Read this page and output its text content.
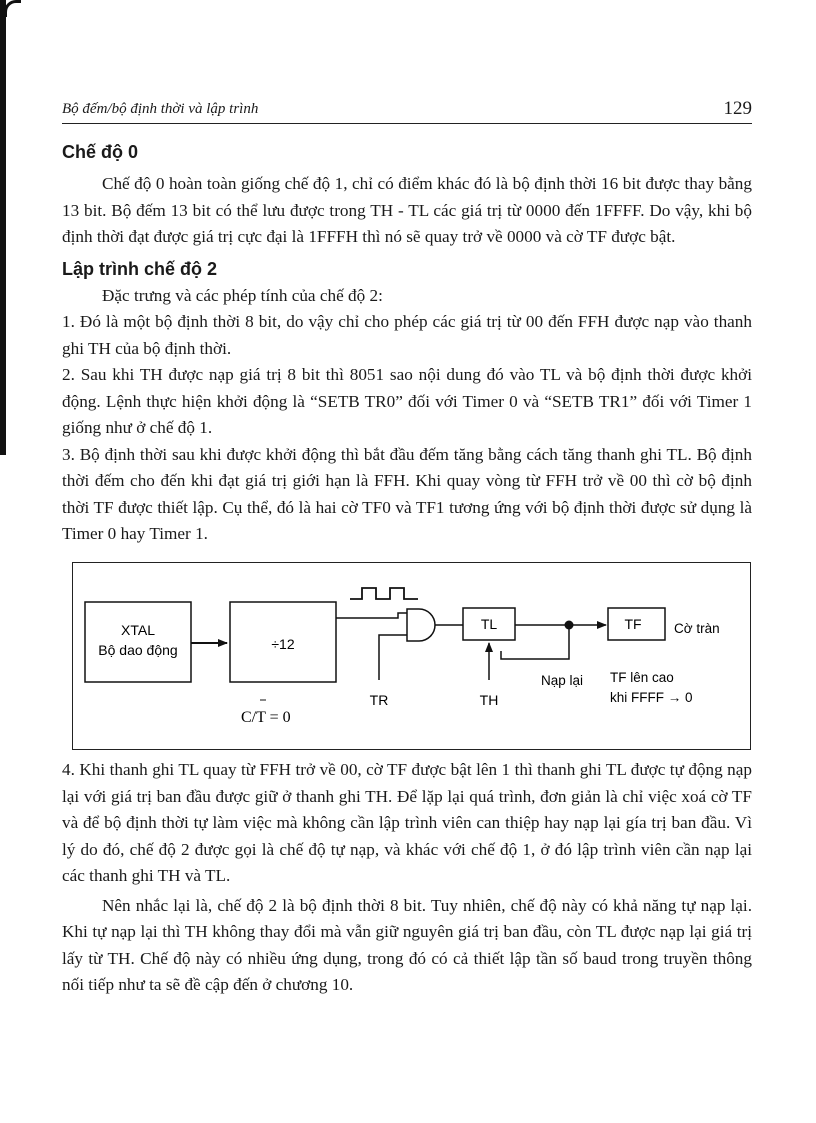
Bộ đếm/bộ định thời và lập trình	129
Chế độ 0

Chế độ 0 hoàn toàn giống chế độ 1, chỉ có điểm khác đó là bộ định thời 16 bit được thay bằng 13 bit. Bộ đếm 13 bit có thể lưu được trong TH - TL các giá trị từ 0000 đến 1FFFF. Do vậy, khi bộ định thời đạt được giá trị cực đại là 1FFFH thì nó sẽ quay trở về 0000 và cờ TF được bật.

Lập trình chế độ 2

Đặc trưng và các phép tính của chế độ 2:

1. Đó là một bộ định thời 8 bit, do vậy chỉ cho phép các giá trị từ 00 đến FFH được nạp vào thanh ghi TH của bộ định thời.

2. Sau khi TH được nạp giá trị 8 bit thì 8051 sao nội dung đó vào TL và bộ định thời được khởi động. Lệnh thực hiện khởi động là “SETB TR0” đối với Timer 0 và “SETB TR1” đối với Timer 1 giống như ở chế độ 1.

3. Bộ định thời sau khi được khởi động thì bắt đầu đếm tăng bằng cách tăng thanh ghi TL. Bộ định thời đếm cho đến khi đạt giá trị giới hạn là FFH. Khi quay vòng từ FFH trở về 00 thì cờ bộ định thời TF được thiết lập. Cụ thể, đó là hai cờ TF0 và TF1 tương ứng với bộ định thời được sử dụng là Timer 0 hay Timer 1.

XTAL
Bộ dao động	÷12
C/T = 0
TR
TL
TH
Nạp lại
TF Cờ tràn
TF lên cao
khi FFFF → 0

4. Khi thanh ghi TL quay từ FFH trở về 00, cờ TF được bật lên 1 thì thanh ghi TL được tự động nạp lại với giá trị ban đầu được giữ ở thanh ghi TH. Để lặp lại quá trình, đơn giản là chỉ việc xoá cờ TF và để bộ định thời tự làm việc mà không cần lập trình viên can thiệp hay nạp lại gía trị ban đầu. Vì lý do đó, chế độ 2 được gọi là chế độ tự nạp, và khác với chế độ 1, ở đó lập trình viên cần nạp lại các thanh ghi TH và TL.

Nên nhắc lại là, chế độ 2 là bộ định thời 8 bit. Tuy nhiên, chế độ này có khả năng tự nạp lại. Khi tự nạp lại thì TH không thay đổi mà vẫn giữ nguyên giá trị ban đầu, còn TL được nạp lại giá trị lấy từ TH. Chế độ này có nhiều ứng dụng, trong đó có cả thiết lập tần số baud trong truyền thông nối tiếp như ta sẽ đề cập đến ở chương 10.
